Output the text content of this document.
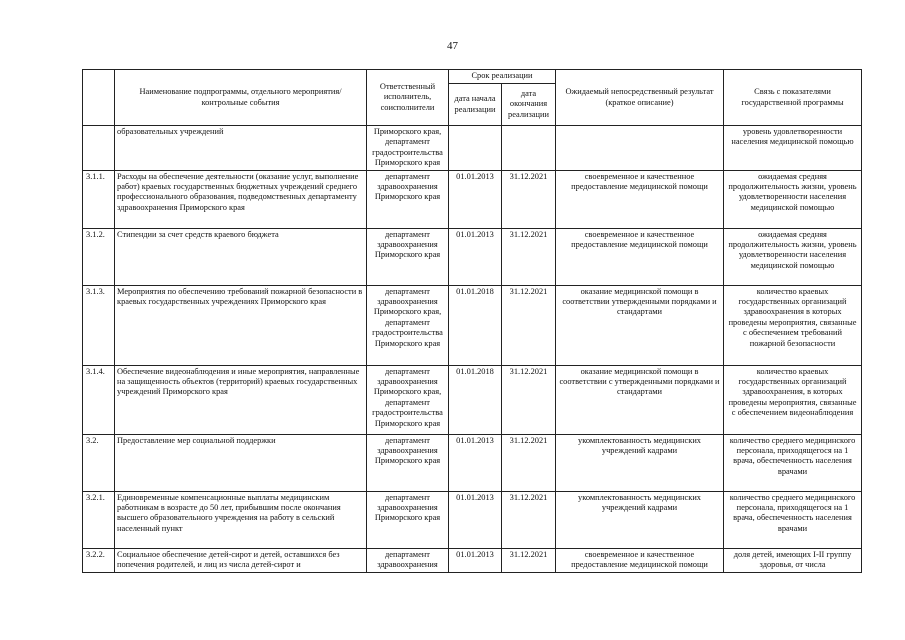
47
	Наименование подпрограммы, отдельного мероприятия/контрольные события	Ответственный исполнитель, соисполнители	Срок реализации		Ожидаемый непосредственный результат (краткое описание)	Связь с показателями государственной программы
			дата начала реализации	дата окончания реализации		
	образовательных учреждений	Приморского края, департамент градостроительства Приморского края				уровень удовлетворенности населения медицинской помощью
3.1.1.	Расходы на обеспечение деятельности (оказание услуг, выполнение работ) краевых государственных бюджетных учреждений среднего профессионального образования, подведомственных департаменту здравоохранения Приморского края	департамент здравоохранения Приморского края	01.01.2013	31.12.2021	своевременное и качественное предоставление медицинской помощи	ожидаемая средняя продолжительность жизни, уровень удовлетворенности населения медицинской помощью
3.1.2.	Стипендии за счет средств краевого бюджета	департамент здравоохранения Приморского края	01.01.2013	31.12.2021	своевременное и качественное предоставление медицинской помощи	ожидаемая средняя продолжительность жизни, уровень удовлетворенности населения медицинской помощью
3.1.3.	Мероприятия по обеспечению требований пожарной безопасности в краевых государственных учреждениях Приморского края	департамент здравоохранения Приморского края, департамент градостроительства Приморского края	01.01.2018	31.12.2021	оказание медицинской помощи в соответствии утвержденными порядками и стандартами	количество краевых государственных организаций здравоохранения в которых проведены мероприятия, связанные с обеспечением требований пожарной безопасности
3.1.4.	Обеспечение видеонаблюдения и иные мероприятия, направленные на защищенность объектов (территорий) краевых государственных учреждений Приморского края	департамент здравоохранения Приморского края, департамент градостроительства Приморского края	01.01.2018	31.12.2021	оказание медицинской помощи в соответствии с утвержденными порядками и стандартами	количество краевых государственных организаций здравоохранения, в которых проведены мероприятия, связанные с обеспечением видеонаблюдения
3.2.	Предоставление мер социальной поддержки	департамент здравоохранения Приморского края	01.01.2013	31.12.2021	укомплектованность медицинских учреждений кадрами	количество среднего медицинского персонала, приходящегося на 1 врача, обеспеченность населения врачами
3.2.1.	Единовременные компенсационные выплаты медицинским работникам в возрасте до 50 лет, прибывшим после окончания высшего образовательного учреждения на работу в сельский населенный пункт	департамент здравоохранения Приморского края	01.01.2013	31.12.2021	укомплектованность медицинских учреждений кадрами	количество среднего медицинского персонала, приходящегося на 1 врача, обеспеченность населения врачами
3.2.2.	Социальное обеспечение детей-сирот и детей, оставшихся без попечения родителей, и лиц из числа детей-сирот и	департамент здравоохранения	01.01.2013	31.12.2021	своевременное и качественное предоставление медицинской помощи	доля детей, имеющих I-II группу здоровья, от числа
